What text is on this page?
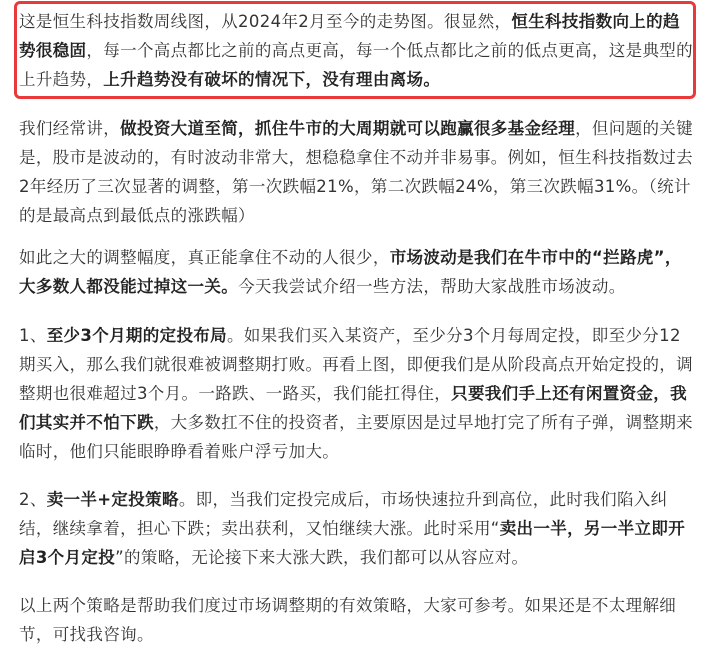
这是恒生科技指数周线图，从2024年2月至今的走势图。很显然，恒生科技指数向上的趋势很稳固，每一个高点都比之前的高点更高，每一个低点都比之前的低点更高，这是典型的上升趋势，上升趋势没有破坏的情况下，没有理由离场。

我们经常讲，做投资大道至简，抓住牛市的大周期就可以跑赢很多基金经理，但问题的关键是，股市是波动的，有时波动非常大，想稳稳拿住不动并非易事。例如，恒生科技指数过去2年经历了三次显著的调整，第一次跌幅21%，第二次跌幅24%，第三次跌幅31%。（统计的是最高点到最低点的涨跌幅）

如此之大的调整幅度，真正能拿住不动的人很少，市场波动是我们在牛市中的“拦路虎”，大多数人都没能过掉这一关。今天我尝试介绍一些方法，帮助大家战胜市场波动。

1、至少3个月期的定投布局。如果我们买入某资产，至少分3个月每周定投，即至少分12期买入，那么我们就很难被调整期打败。再看上图，即便我们是从阶段高点开始定投的，调整期也很难超过3个月。一路跌、一路买，我们能扛得住，只要我们手上还有闲置资金，我们其实并不怕下跌，大多数扛不住的投资者，主要原因是过早地打完了所有子弹，调整期来临时，他们只能眼睁睁看着账户浮亏加大。

2、卖一半+定投策略。即，当我们定投完成后，市场快速拉升到高位，此时我们陷入纠结，继续拿着，担心下跌；卖出获利，又怕继续大涨。此时采用“卖出一半，另一半立即开启3个月定投”的策略，无论接下来大涨大跌，我们都可以从容应对。

以上两个策略是帮助我们度过市场调整期的有效策略，大家可参考。如果还是不太理解细节，可找我咨询。
